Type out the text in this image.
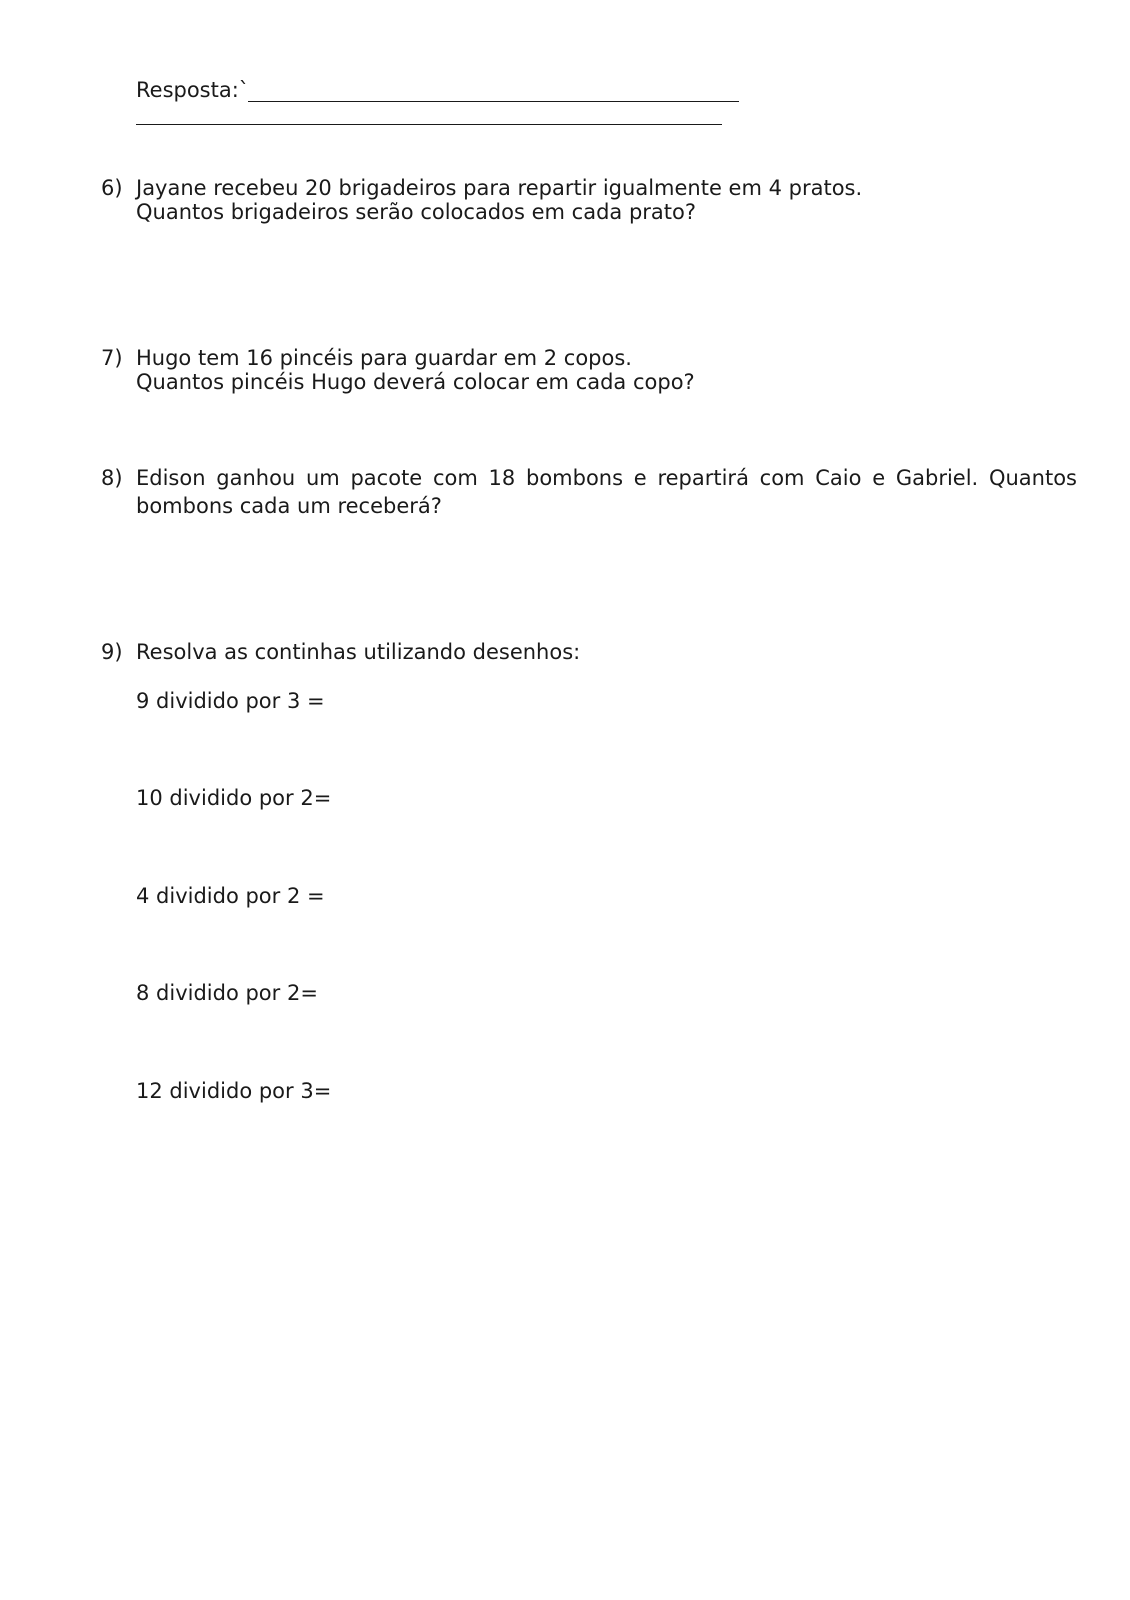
Resposta:`
6) Jayane recebeu 20 brigadeiros para repartir igualmente em 4 pratos.
Quantos brigadeiros serão colocados em cada prato?
7) Hugo tem 16 pincéis para guardar em 2 copos.
Quantos pincéis Hugo deverá colocar em cada copo?
8) Edison ganhou um pacote com 18 bombons e repartirá com Caio e Gabriel. Quantos
bombons cada um receberá?
9) Resolva as continhas utilizando desenhos:
9 dividido por 3 =
10 dividido por 2=
4 dividido por 2 =
8 dividido por 2=
12 dividido por 3=
